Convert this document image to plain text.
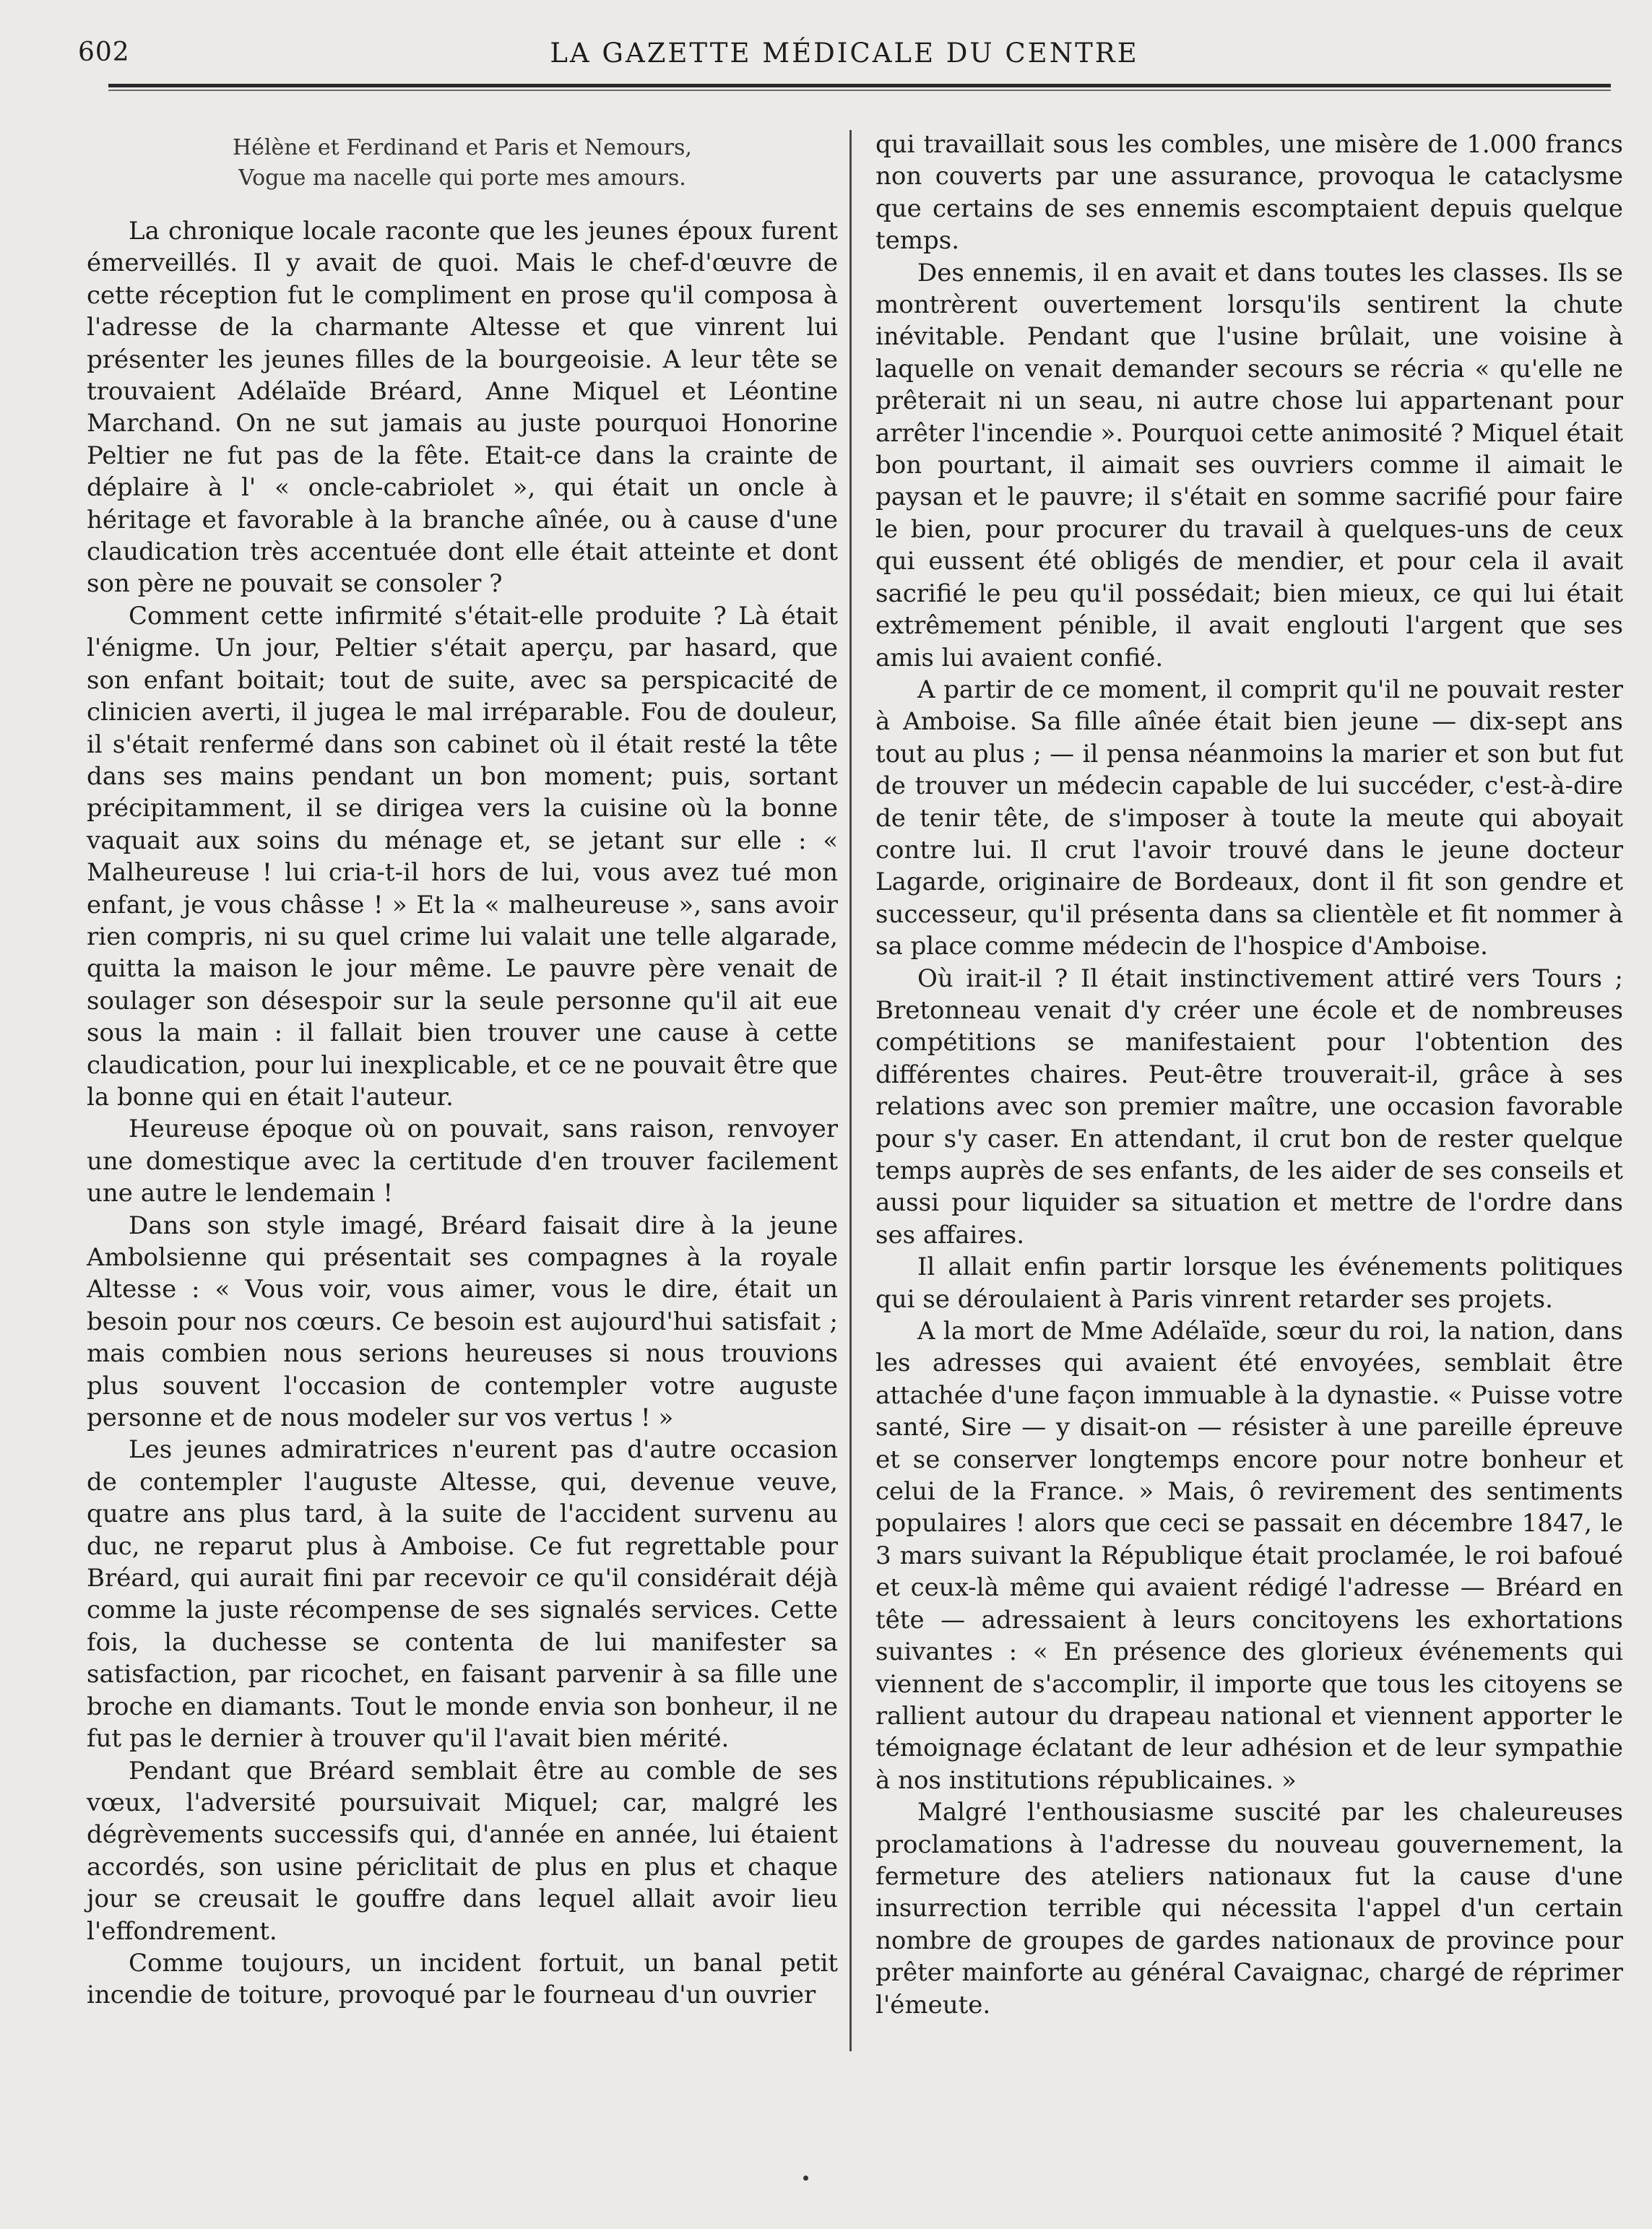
602	LA GAZETTE MÉDICALE DU CENTRE
Hélène et Ferdinand et Paris et Nemours,
Vogue ma nacelle qui porte mes amours.

La chronique locale raconte que les jeunes époux furent émerveillés. Il y avait de quoi. Mais le chef-d'œuvre de cette réception fut le compliment en prose qu'il composa à l'adresse de la charmante Altesse et que vinrent lui présenter les jeunes filles de la bourgeoisie. A leur tête se trouvaient Adélaïde Bréard, Anne Miquel et Léontine Marchand. On ne sut jamais au juste pourquoi Honorine Peltier ne fut pas de la fête. Etait-ce dans la crainte de déplaire à l' « oncle-cabriolet », qui était un oncle à héritage et favorable à la branche aînée, ou à cause d'une claudication très accentuée dont elle était atteinte et dont son père ne pouvait se consoler ?

Comment cette infirmité s'était-elle produite ? Là était l'énigme. Un jour, Peltier s'était aperçu, par hasard, que son enfant boitait; tout de suite, avec sa perspicacité de clinicien averti, il jugea le mal irréparable. Fou de douleur, il s'était renfermé dans son cabinet où il était resté la tête dans ses mains pendant un bon moment; puis, sortant précipitamment, il se dirigea vers la cuisine où la bonne vaquait aux soins du ménage et, se jetant sur elle : « Malheureuse ! lui cria-t-il hors de lui, vous avez tué mon enfant, je vous châsse ! » Et la « malheureuse », sans avoir rien compris, ni su quel crime lui valait une telle algarade, quitta la maison le jour même. Le pauvre père venait de soulager son désespoir sur la seule personne qu'il ait eue sous la main : il fallait bien trouver une cause à cette claudication, pour lui inexplicable, et ce ne pouvait être que la bonne qui en était l'auteur.

Heureuse époque où on pouvait, sans raison, renvoyer une domestique avec la certitude d'en trouver facilement une autre le lendemain !

Dans son style imagé, Bréard faisait dire à la jeune Ambolsienne qui présentait ses compagnes à la royale Altesse : « Vous voir, vous aimer, vous le dire, était un besoin pour nos cœurs. Ce besoin est aujourd'hui satisfait ; mais combien nous serions heureuses si nous trouvions plus souvent l'occasion de contempler votre auguste personne et de nous modeler sur vos vertus ! »

Les jeunes admiratrices n'eurent pas d'autre occasion de contempler l'auguste Altesse, qui, devenue veuve, quatre ans plus tard, à la suite de l'accident survenu au duc, ne reparut plus à Amboise. Ce fut regrettable pour Bréard, qui aurait fini par recevoir ce qu'il considérait déjà comme la juste récompense de ses signalés services. Cette fois, la duchesse se contenta de lui manifester sa satisfaction, par ricochet, en faisant parvenir à sa fille une broche en diamants. Tout le monde envia son bonheur, il ne fut pas le dernier à trouver qu'il l'avait bien mérité.

Pendant que Bréard semblait être au comble de ses vœux, l'adversité poursuivait Miquel; car, malgré les dégrèvements successifs qui, d'année en année, lui étaient accordés, son usine périclitait de plus en plus et chaque jour se creusait le gouffre dans lequel allait avoir lieu l'effondrement.

Comme toujours, un incident fortuit, un banal petit incendie de toiture, provoqué par le fourneau d'un ouvrier

qui travaillait sous les combles, une misère de 1.000 francs non couverts par une assurance, provoqua le cataclysme que certains de ses ennemis escomptaient depuis quelque temps.

Des ennemis, il en avait et dans toutes les classes. Ils se montrèrent ouvertement lorsqu'ils sentirent la chute inévitable. Pendant que l'usine brûlait, une voisine à laquelle on venait demander secours se récria « qu'elle ne prêterait ni un seau, ni autre chose lui appartenant pour arrêter l'incendie ». Pourquoi cette animosité ? Miquel était bon pourtant, il aimait ses ouvriers comme il aimait le paysan et le pauvre; il s'était en somme sacrifié pour faire le bien, pour procurer du travail à quelques-uns de ceux qui eussent été obligés de mendier, et pour cela il avait sacrifié le peu qu'il possédait; bien mieux, ce qui lui était extrêmement pénible, il avait englouti l'argent que ses amis lui avaient confié.

A partir de ce moment, il comprit qu'il ne pouvait rester à Amboise. Sa fille aînée était bien jeune — dix-sept ans tout au plus ; — il pensa néanmoins la marier et son but fut de trouver un médecin capable de lui succéder, c'est-à-dire de tenir tête, de s'imposer à toute la meute qui aboyait contre lui. Il crut l'avoir trouvé dans le jeune docteur Lagarde, originaire de Bordeaux, dont il fit son gendre et successeur, qu'il présenta dans sa clientèle et fit nommer à sa place comme médecin de l'hospice d'Amboise.

Où irait-il ? Il était instinctivement attiré vers Tours ; Bretonneau venait d'y créer une école et de nombreuses compétitions se manifestaient pour l'obtention des différentes chaires. Peut-être trouverait-il, grâce à ses relations avec son premier maître, une occasion favorable pour s'y caser. En attendant, il crut bon de rester quelque temps auprès de ses enfants, de les aider de ses conseils et aussi pour liquider sa situation et mettre de l'ordre dans ses affaires.

Il allait enfin partir lorsque les événements politiques qui se déroulaient à Paris vinrent retarder ses projets.

A la mort de Mme Adélaïde, sœur du roi, la nation, dans les adresses qui avaient été envoyées, semblait être attachée d'une façon immuable à la dynastie. « Puisse votre santé, Sire — y disait-on — résister à une pareille épreuve et se conserver longtemps encore pour notre bonheur et celui de la France. » Mais, ô revirement des sentiments populaires ! alors que ceci se passait en décembre 1847, le 3 mars suivant la République était proclamée, le roi bafoué et ceux-là même qui avaient rédigé l'adresse — Bréard en tête — adressaient à leurs concitoyens les exhortations suivantes : « En présence des glorieux événements qui viennent de s'accomplir, il importe que tous les citoyens se rallient autour du drapeau national et viennent apporter le témoignage éclatant de leur adhésion et de leur sympathie à nos institutions républicaines. »

Malgré l'enthousiasme suscité par les chaleureuses proclamations à l'adresse du nouveau gouvernement, la fermeture des ateliers nationaux fut la cause d'une insurrection terrible qui nécessita l'appel d'un certain nombre de groupes de gardes nationaux de province pour prêter mainforte au général Cavaignac, chargé de réprimer l'émeute.
